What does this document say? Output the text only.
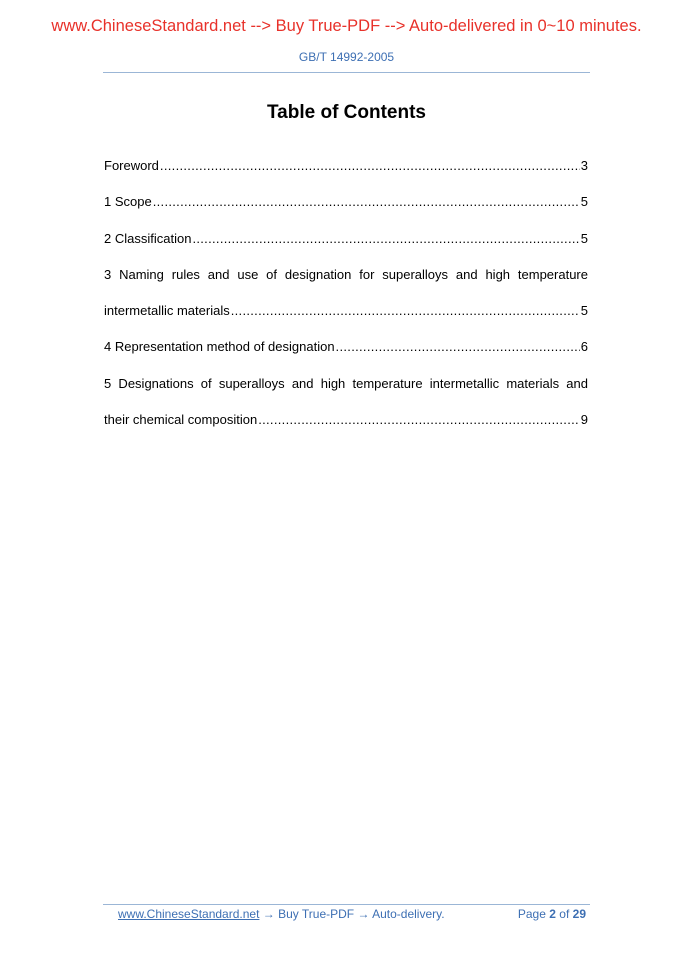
www.ChineseStandard.net --> Buy True-PDF --> Auto-delivered in 0~10 minutes.
GB/T 14992-2005
Table of Contents
Foreword .....	3
1 Scope .....	5
2 Classification .....	5
3 Naming rules and use of designation for superalloys and high temperature
intermetallic materials .....	5
4 Representation method of designation .....	6
5 Designations of superalloys and high temperature intermetallic materials and
their chemical composition .....	9
www.ChineseStandard.net → Buy True-PDF → Auto-delivery.	Page 2 of 29
